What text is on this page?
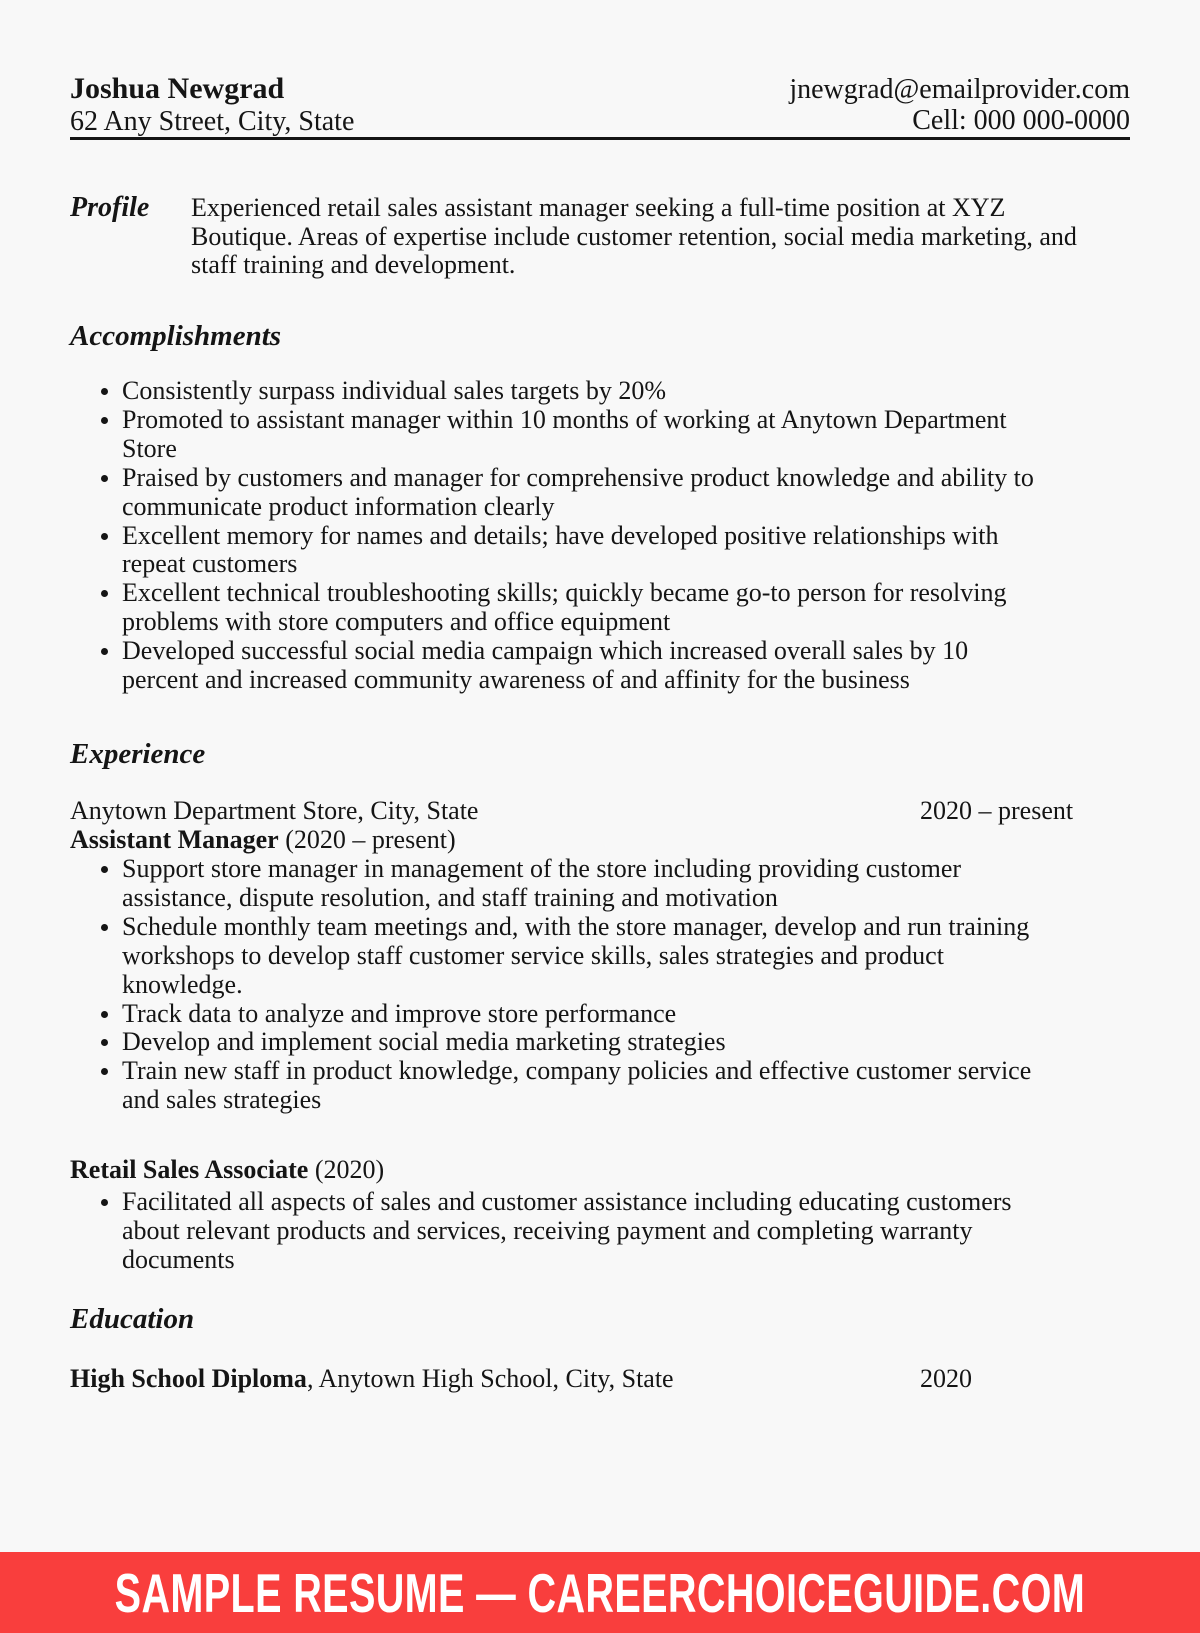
Joshua Newgrad
62 Any Street, City, State
jnewgrad@emailprovider.com
Cell: 000 000-0000
Profile	Experienced retail sales assistant manager seeking a full-time position at XYZ Boutique. Areas of expertise include customer retention, social media marketing, and staff training and development.
Accomplishments
Consistently surpass individual sales targets by 20%
Promoted to assistant manager within 10 months of working at Anytown Department Store
Praised by customers and manager for comprehensive product knowledge and ability to communicate product information clearly
Excellent memory for names and details; have developed positive relationships with repeat customers
Excellent technical troubleshooting skills; quickly became go-to person for resolving problems with store computers and office equipment
Developed successful social media campaign which increased overall sales by 10 percent and increased community awareness of and affinity for the business
Experience
Anytown Department Store, City, State	2020 – present
Assistant Manager (2020 – present)
Support store manager in management of the store including providing customer assistance, dispute resolution, and staff training and motivation
Schedule monthly team meetings and, with the store manager, develop and run training workshops to develop staff customer service skills, sales strategies and product knowledge.
Track data to analyze and improve store performance
Develop and implement social media marketing strategies
Train new staff in product knowledge, company policies and effective customer service and sales strategies
Retail Sales Associate (2020)
Facilitated all aspects of sales and customer assistance including educating customers about relevant products and services, receiving payment and completing warranty documents
Education
High School Diploma, Anytown High School, City, State	2020
SAMPLE RESUME — CAREERCHOICEGUIDE.COM
